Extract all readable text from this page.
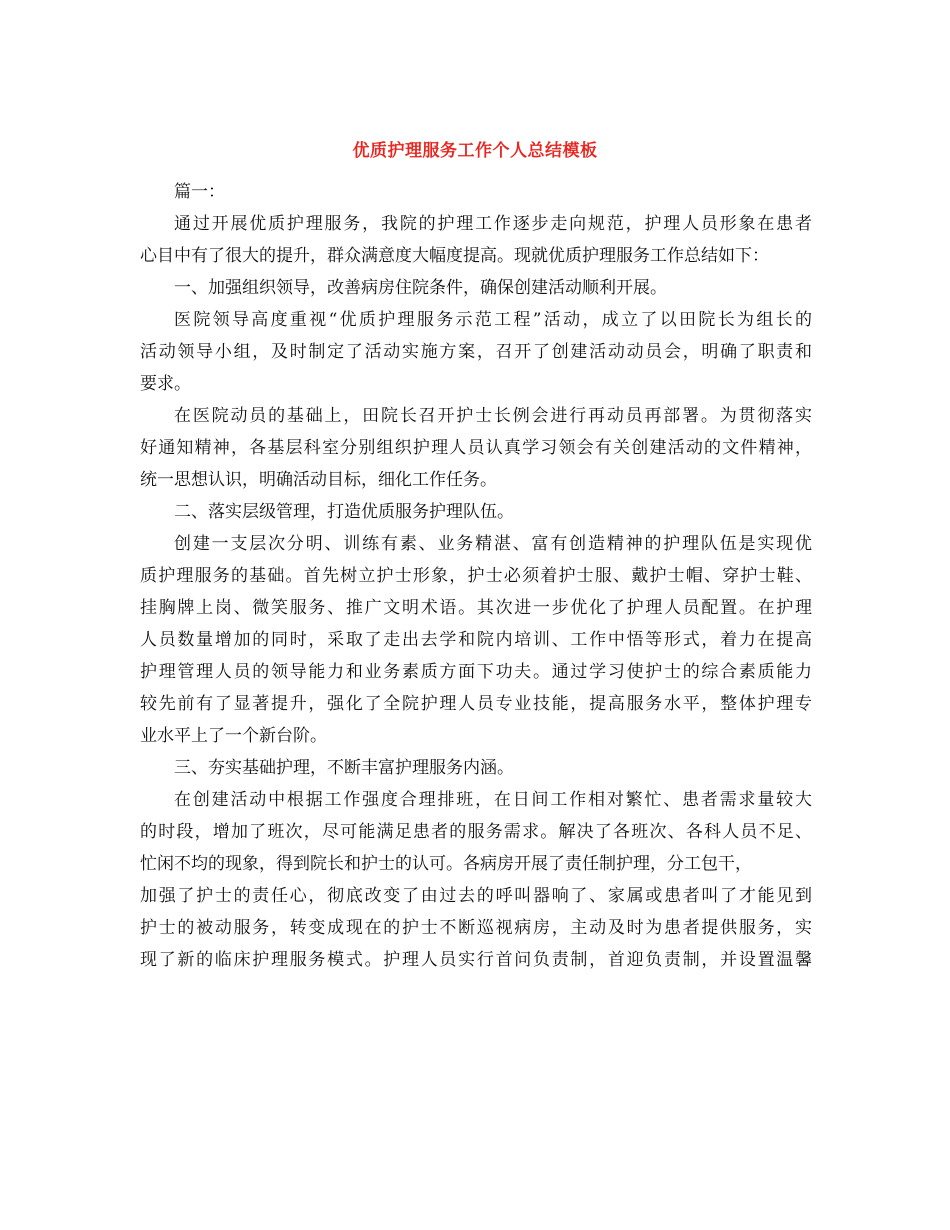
优质护理服务工作个人总结模板
篇一：
通过开展优质护理服务，我院的护理工作逐步走向规范，护理人员形象在患者
心目中有了很大的提升，群众满意度大幅度提高。现就优质护理服务工作总结如下：
一、加强组织领导，改善病房住院条件，确保创建活动顺利开展。
医院领导高度重视“优质护理服务示范工程”活动，成立了以田院长为组长的
活动领导小组，及时制定了活动实施方案，召开了创建活动动员会，明确了职责和
要求。
在医院动员的基础上，田院长召开护士长例会进行再动员再部署。为贯彻落实
好通知精神，各基层科室分别组织护理人员认真学习领会有关创建活动的文件精神，
统一思想认识，明确活动目标，细化工作任务。
二、落实层级管理，打造优质服务护理队伍。
创建一支层次分明、训练有素、业务精湛、富有创造精神的护理队伍是实现优
质护理服务的基础。首先树立护士形象，护士必须着护士服、戴护士帽、穿护士鞋、
挂胸牌上岗、微笑服务、推广文明术语。其次进一步优化了护理人员配置。在护理
人员数量增加的同时，采取了走出去学和院内培训、工作中悟等形式，着力在提高
护理管理人员的领导能力和业务素质方面下功夫。通过学习使护士的综合素质能力
较先前有了显著提升，强化了全院护理人员专业技能，提高服务水平，整体护理专
业水平上了一个新台阶。
三、夯实基础护理，不断丰富护理服务内涵。
在创建活动中根据工作强度合理排班，在日间工作相对繁忙、患者需求量较大
的时段，增加了班次，尽可能满足患者的服务需求。解决了各班次、各科人员不足、
忙闲不均的现象，得到院长和护士的认可。各病房开展了责任制护理，分工包干，
加强了护士的责任心，彻底改变了由过去的呼叫器响了、家属或患者叫了才能见到
护士的被动服务，转变成现在的护士不断巡视病房，主动及时为患者提供服务，实
现了新的临床护理服务模式。护理人员实行首问负责制，首迎负责制，并设置温馨
